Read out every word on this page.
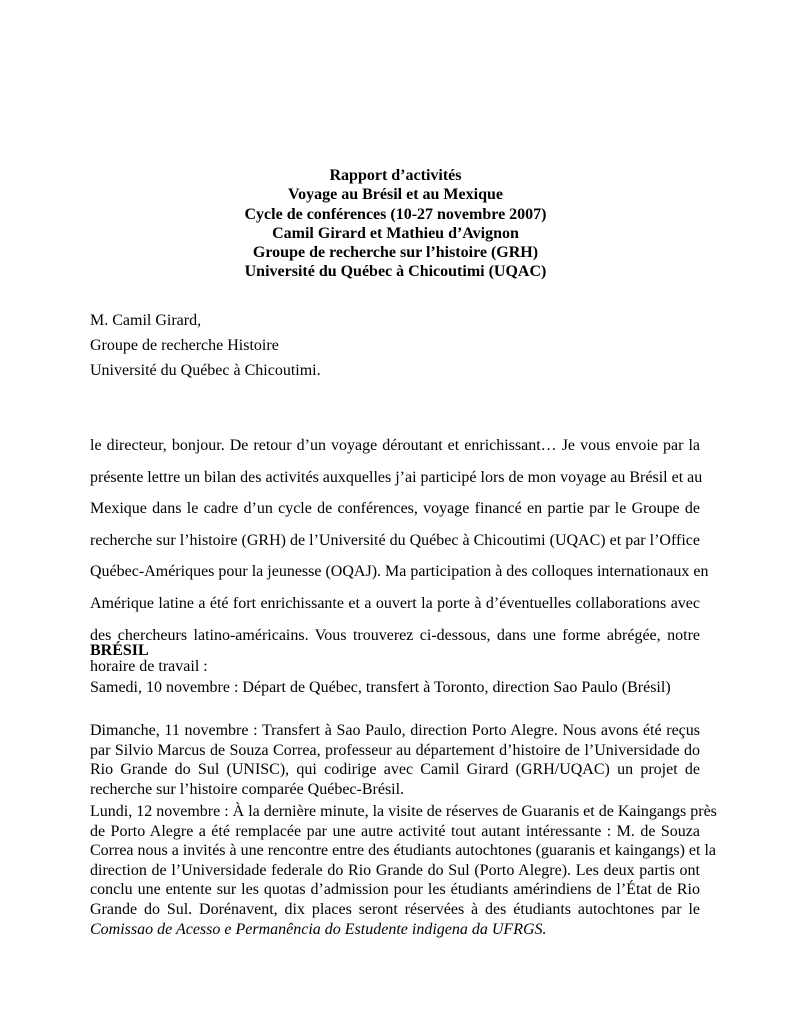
Rapport d’activités
Voyage au Brésil et au Mexique
Cycle de conférences (10-27 novembre 2007)
Camil Girard et Mathieu d’Avignon
Groupe de recherche sur l’histoire (GRH)
Université du Québec à Chicoutimi (UQAC)
M. Camil Girard,
Groupe de recherche Histoire
Université du Québec à Chicoutimi.
le directeur, bonjour. De retour d’un voyage déroutant et enrichissant… Je vous envoie par la
présente lettre un bilan des activités auxquelles j’ai participé lors de mon voyage au Brésil et au
Mexique dans le cadre d’un cycle de conférences, voyage financé en partie par le Groupe de
recherche sur l’histoire (GRH) de l’Université du Québec à Chicoutimi (UQAC) et par l’Office
Québec-Amériques pour la jeunesse (OQAJ). Ma participation à des colloques internationaux en
Amérique latine a été fort enrichissante et a ouvert la porte à d’éventuelles collaborations avec
des chercheurs latino-américains. Vous trouverez ci-dessous, dans une forme abrégée, notre
horaire de travail :
BRÉSIL
Samedi, 10 novembre : Départ de Québec, transfert à Toronto, direction Sao Paulo (Brésil)
Dimanche, 11 novembre : Transfert à Sao Paulo, direction Porto Alegre. Nous avons été reçus
par Silvio Marcus de Souza Correa, professeur au département d’histoire de l’Universidade do
Rio Grande do Sul (UNISC), qui codirige avec Camil Girard (GRH/UQAC) un projet de
recherche sur l’histoire comparée Québec-Brésil.
Lundi, 12 novembre : À la dernière minute, la visite de réserves de Guaranis et de Kaingangs près
de Porto Alegre a été remplacée par une autre activité tout autant intéressante : M. de Souza
Correa nous a invités à une rencontre entre des étudiants autochtones (guaranis et kaingangs) et la
direction de l’Universidade federale do Rio Grande do Sul (Porto Alegre). Les deux partis ont
conclu une entente sur les quotas d’admission pour les étudiants amérindiens de l’État de Rio
Grande do Sul. Dorénavent, dix places seront réservées à des étudiants autochtones par le
Comissao de Acesso e Permanência do Estudente indigena da UFRGS.
